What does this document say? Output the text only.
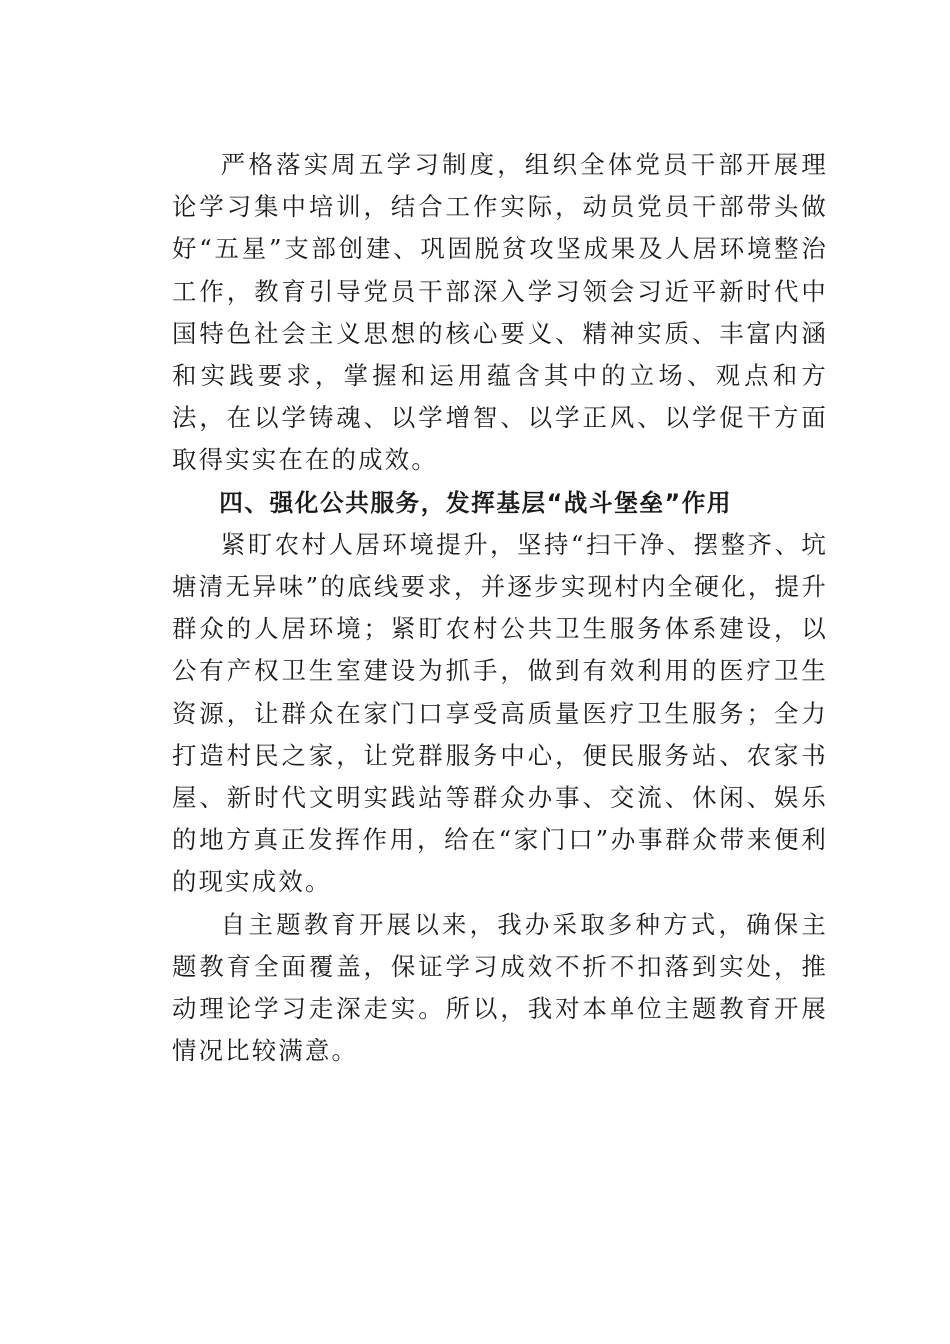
严格落实周五学习制度，组织全体党员干部开展理论学习集中培训，结合工作实际，动员党员干部带头做好“五星”支部创建、巩固脱贫攻坚成果及人居环境整治工作，教育引导党员干部深入学习领会习近平新时代中国特色社会主义思想的核心要义、精神实质、丰富内涵和实践要求，掌握和运用蕴含其中的立场、观点和方法，在以学铸魂、以学增智、以学正风、以学促干方面取得实实在在的成效。

四、强化公共服务，发挥基层“战斗堡垒”作用

紧盯农村人居环境提升，坚持“扫干净、摆整齐、坑塘清无异味”的底线要求，并逐步实现村内全硬化，提升群众的人居环境；紧盯农村公共卫生服务体系建设，以公有产权卫生室建设为抓手，做到有效利用的医疗卫生资源，让群众在家门口享受高质量医疗卫生服务；全力打造村民之家，让党群服务中心，便民服务站、农家书屋、新时代文明实践站等群众办事、交流、休闲、娱乐的地方真正发挥作用，给在“家门口”办事群众带来便利的现实成效。

自主题教育开展以来，我办采取多种方式，确保主题教育全面覆盖，保证学习成效不折不扣落到实处，推动理论学习走深走实。所以，我对本单位主题教育开展情况比较满意。
